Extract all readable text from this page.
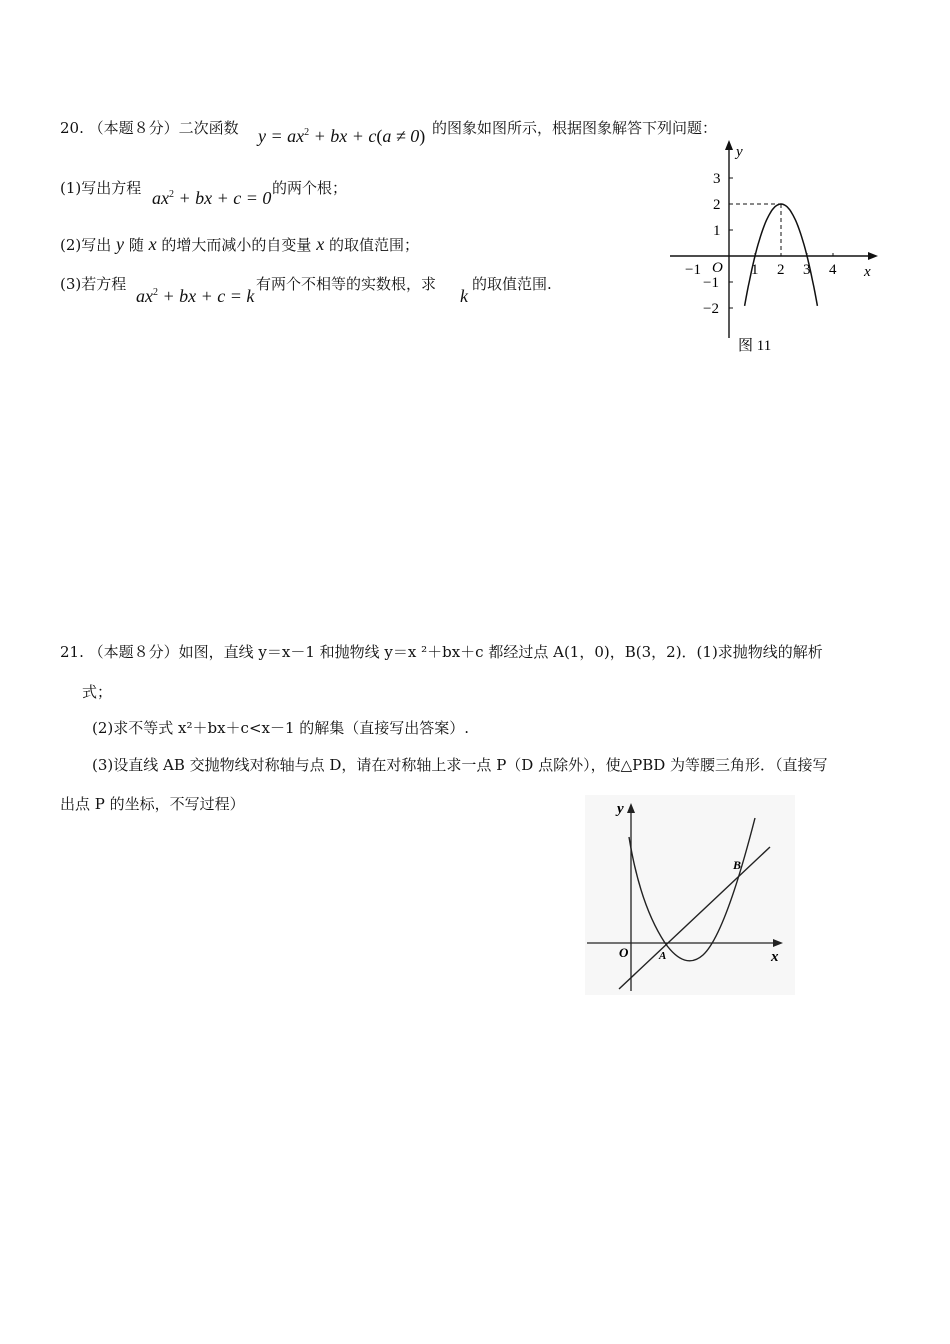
20. （本题８分）二次函数 $y = ax^2$ + bx + c(a ≠ 0) 的图象如图所示，根据图象解答下列问题：
(1)写出方程 $ax^2$ + bx + c = 0 的两个根；
(2)写出 y 随 x 的增大而减小的自变量 x 的取值范围；
(3)若方程
$ax^2$ + bx + c = k
有两个不相等的实数根，求
k
的取值范围.
y
x
O
−1	1 2 3 4
3
2
1
−1
−2
图 11
21. （本题８分）如图，直线 y＝x－1 和抛物线 y＝x ²＋bx＋c 都经过点 A(1，0)，B(3，2)．(1)求抛物线的解析
式；
(2)求不等式 x²＋bx＋c<x－1 的解集（直接写出答案）.
(3)设直线 AB 交抛物线对称轴与点 D，请在对称轴上求一点 P（D 点除外），使△PBD 为等腰三角形．（直接写
出点 P 的坐标，不写过程）	y
x
O	A
B
